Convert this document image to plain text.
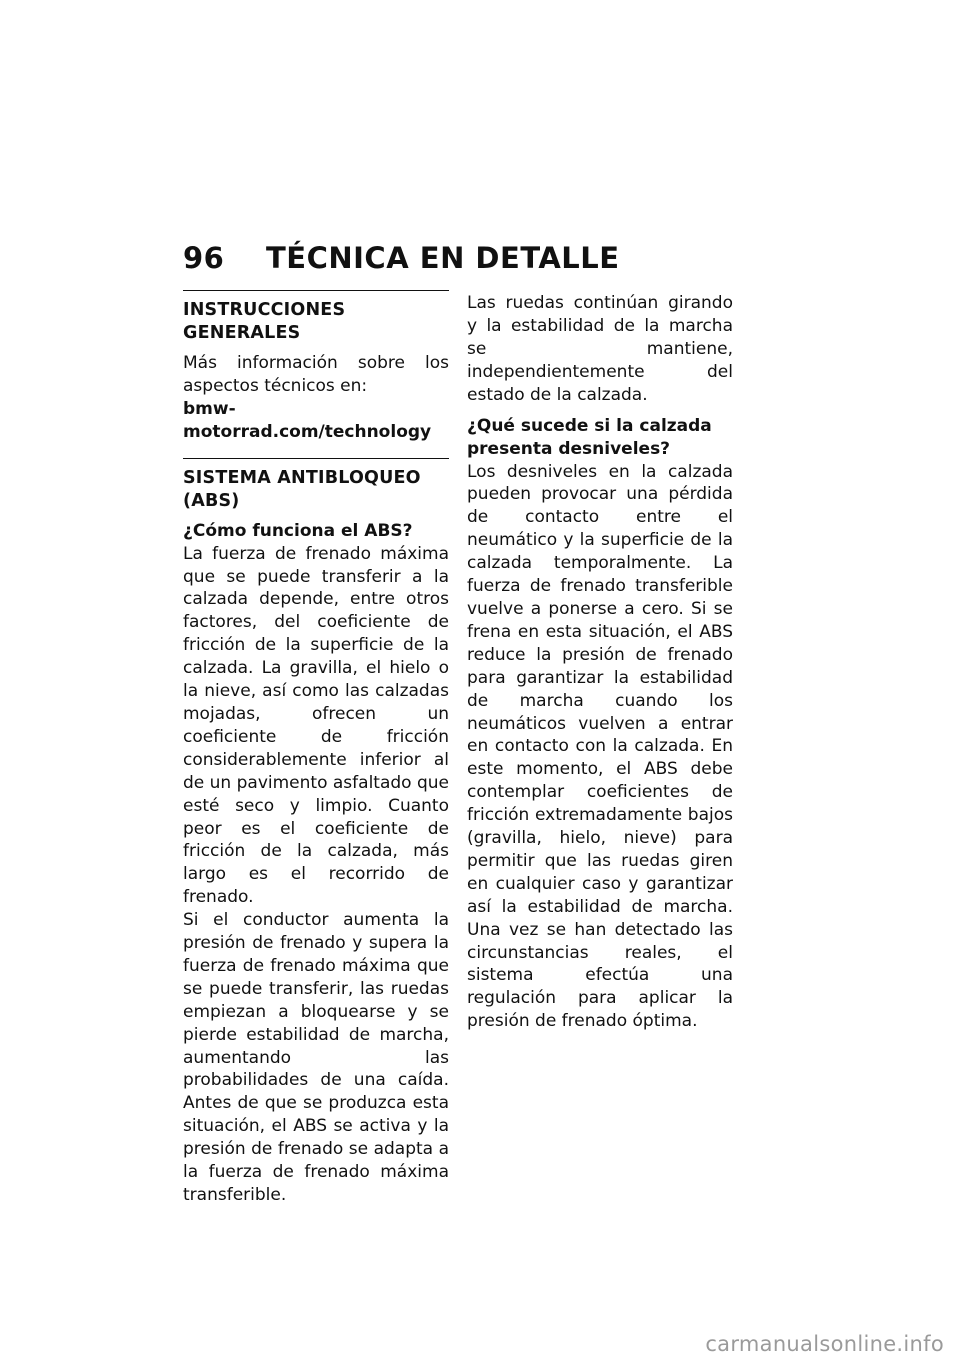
96 TÉCNICA EN DETALLE
INSTRUCCIONES GENERALES

Más información sobre los aspectos técnicos en:

bmw-motorrad.com/technology

SISTEMA ANTIBLOQUEO (ABS)
¿Cómo funciona el ABS?

La fuerza de frenado máxima que se puede transferir a la calzada depende, entre otros factores, del coeficiente de fricción de la superficie de la calzada. La gravilla, el hielo o la nieve, así como las calzadas mojadas, ofrecen un coeficiente de fricción considerablemente inferior al de un pavimento asfaltado que esté seco y limpio. Cuanto peor es el coeficiente de fricción de la calzada, más largo es el recorrido de frenado.

Si el conductor aumenta la presión de frenado y supera la fuerza de frenado máxima que se puede transferir, las ruedas empiezan a bloquearse y se pierde estabilidad de marcha, aumentando las probabilidades de una caída. Antes de que se produzca esta situación, el ABS se activa y la presión de frenado se adapta a la fuerza de frenado máxima transferible.

Las ruedas continúan girando y la estabilidad de la marcha se mantiene, independientemente del estado de la calzada.

¿Qué sucede si la calzada presenta desniveles?

Los desniveles en la calzada pueden provocar una pérdida de contacto entre el neumático y la superficie de la calzada temporalmente. La fuerza de frenado transferible vuelve a ponerse a cero. Si se frena en esta situación, el ABS reduce la presión de frenado para garantizar la estabilidad de marcha cuando los neumáticos vuelven a entrar en contacto con la calzada. En este momento, el ABS debe contemplar coeficientes de fricción extremadamente bajos (gravilla, hielo, nieve) para permitir que las ruedas giren en cualquier caso y garantizar así la estabilidad de marcha. Una vez se han detectado las circunstancias reales, el sistema efectúa una regulación para aplicar la presión de frenado óptima.

carmanualsonline.info
